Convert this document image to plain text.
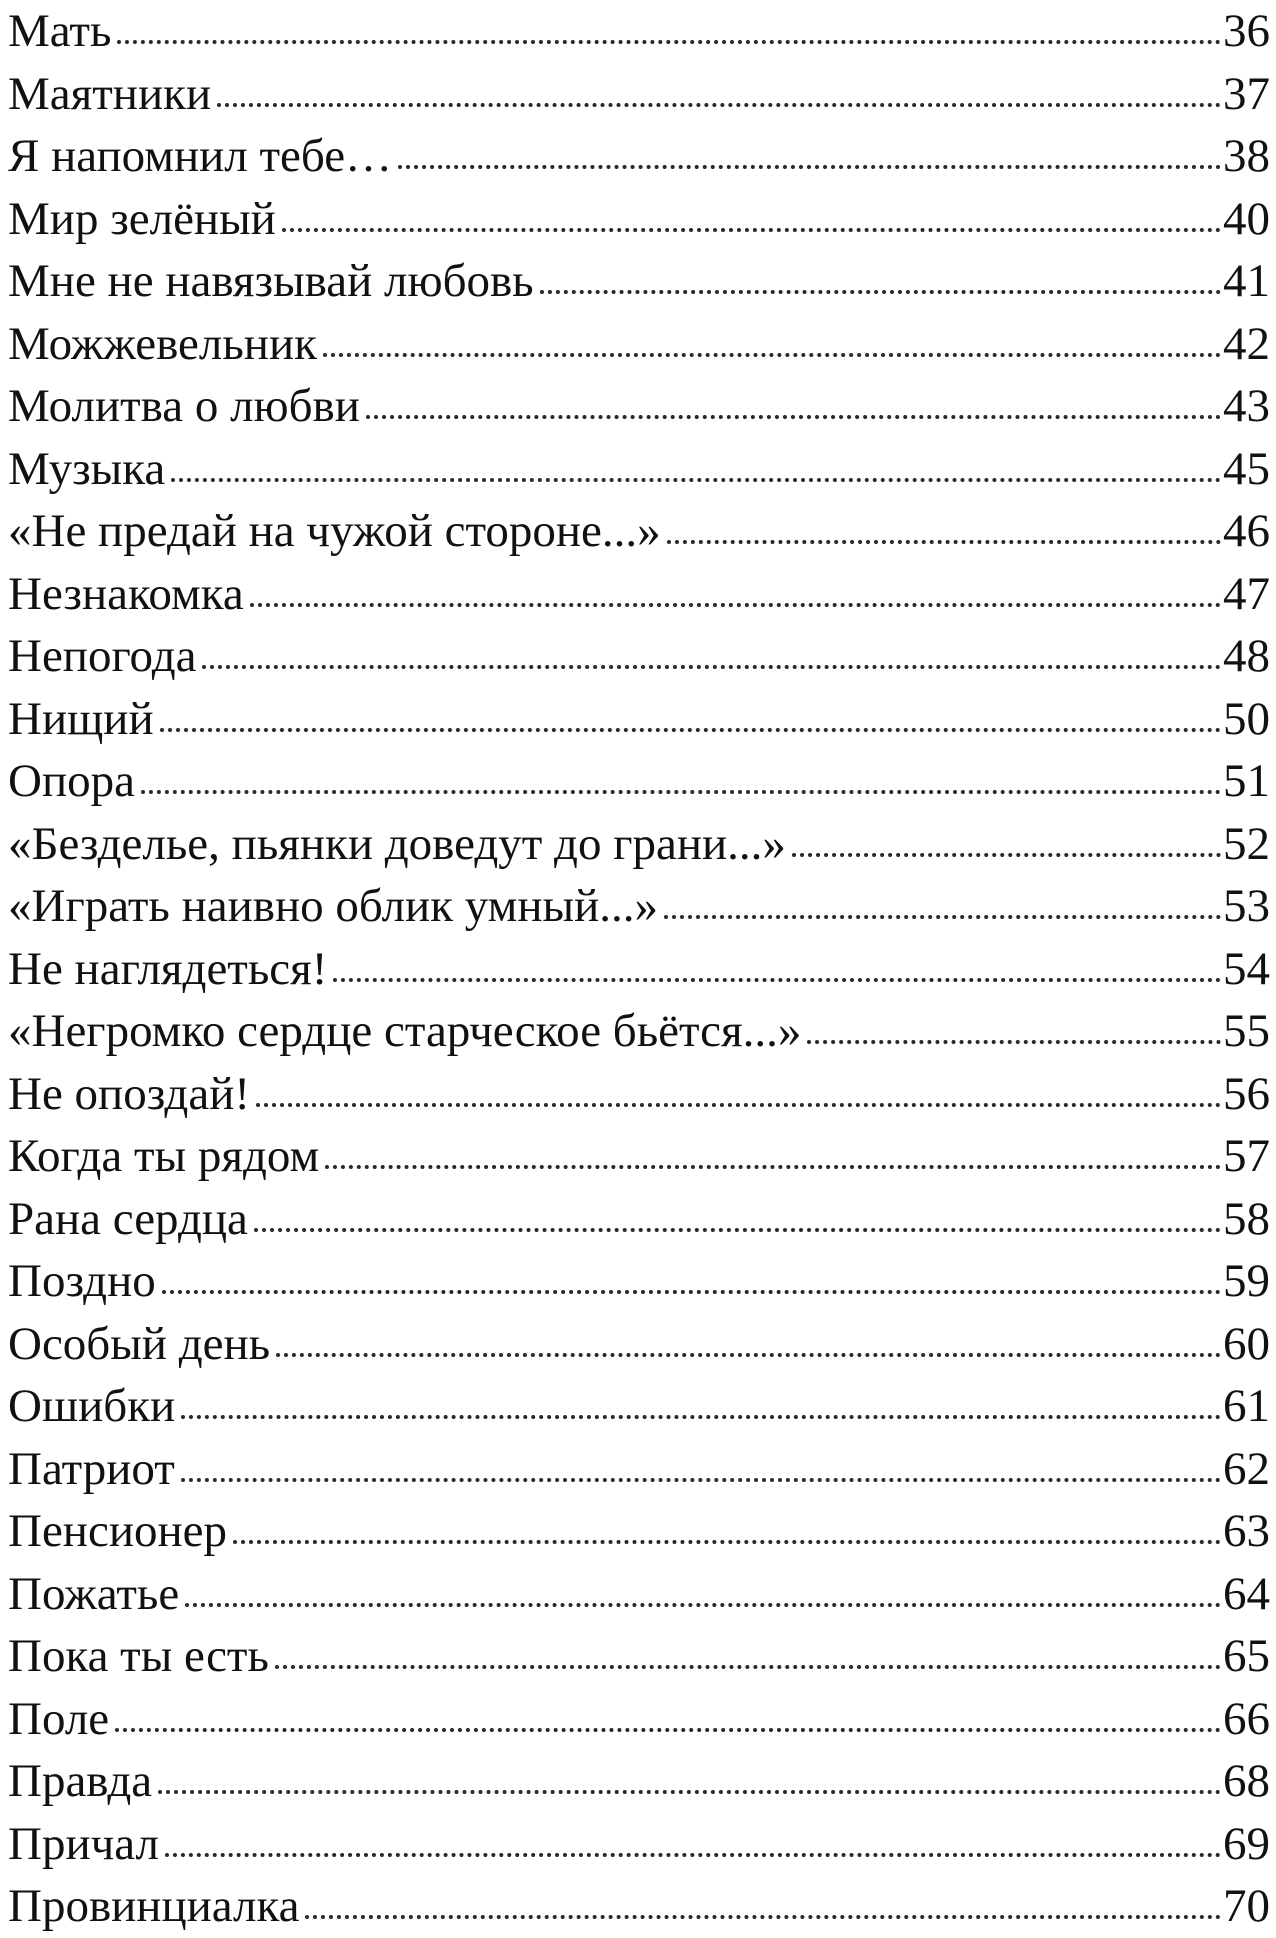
Мать	36
Маятники	37
Я напомнил тебе…	38
Мир зелёный	40
Мне не навязывай любовь	41
Можжевельник	42
Молитва о любви	43
Музыка	45
«Не предай на чужой стороне...»	46
Незнакомка	47
Непогода	48
Нищий	50
Опора	51
«Безделье, пьянки доведут до грани...»	52
«Играть наивно облик умный...»	53
Не наглядеться!	54
«Негромко сердце старческое бьётся...»	55
Не опоздай!	56
Когда ты рядом	57
Рана сердца	58
Поздно	59
Особый день	60
Ошибки	61
Патриот	62
Пенсионер	63
Пожатье	64
Пока ты есть	65
Поле	66
Правда	68
Причал	69
Провинциалка	70
